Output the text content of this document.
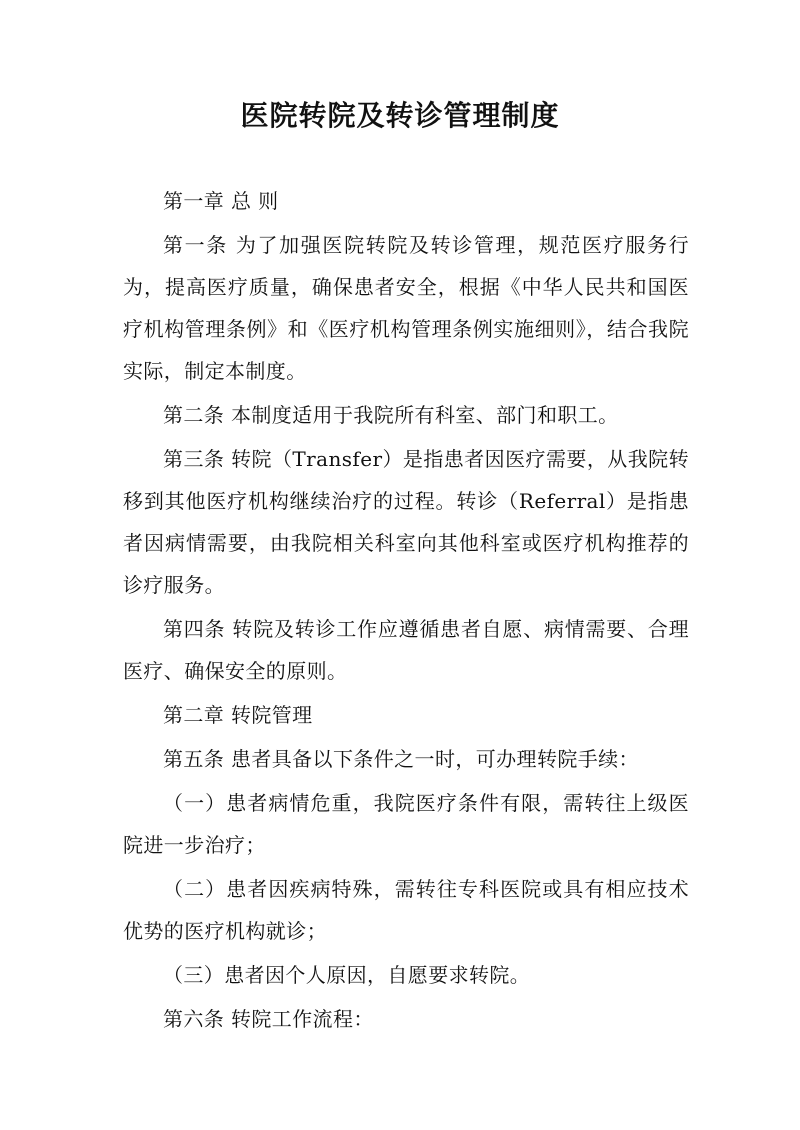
医院转院及转诊管理制度

第一章 总 则

第一条 为了加强医院转院及转诊管理，规范医疗服务行为，提高医疗质量，确保患者安全，根据《中华人民共和国医疗机构管理条例》和《医疗机构管理条例实施细则》，结合我院实际，制定本制度。

第二条 本制度适用于我院所有科室、部门和职工。

第三条 转院（Transfer）是指患者因医疗需要，从我院转移到其他医疗机构继续治疗的过程。转诊（Referral）是指患者因病情需要，由我院相关科室向其他科室或医疗机构推荐的诊疗服务。

第四条 转院及转诊工作应遵循患者自愿、病情需要、合理医疗、确保安全的原则。

第二章 转院管理

第五条 患者具备以下条件之一时，可办理转院手续：

（一）患者病情危重，我院医疗条件有限，需转往上级医院进一步治疗；

（二）患者因疾病特殊，需转往专科医院或具有相应技术优势的医疗机构就诊；

（三）患者因个人原因，自愿要求转院。

第六条 转院工作流程：
